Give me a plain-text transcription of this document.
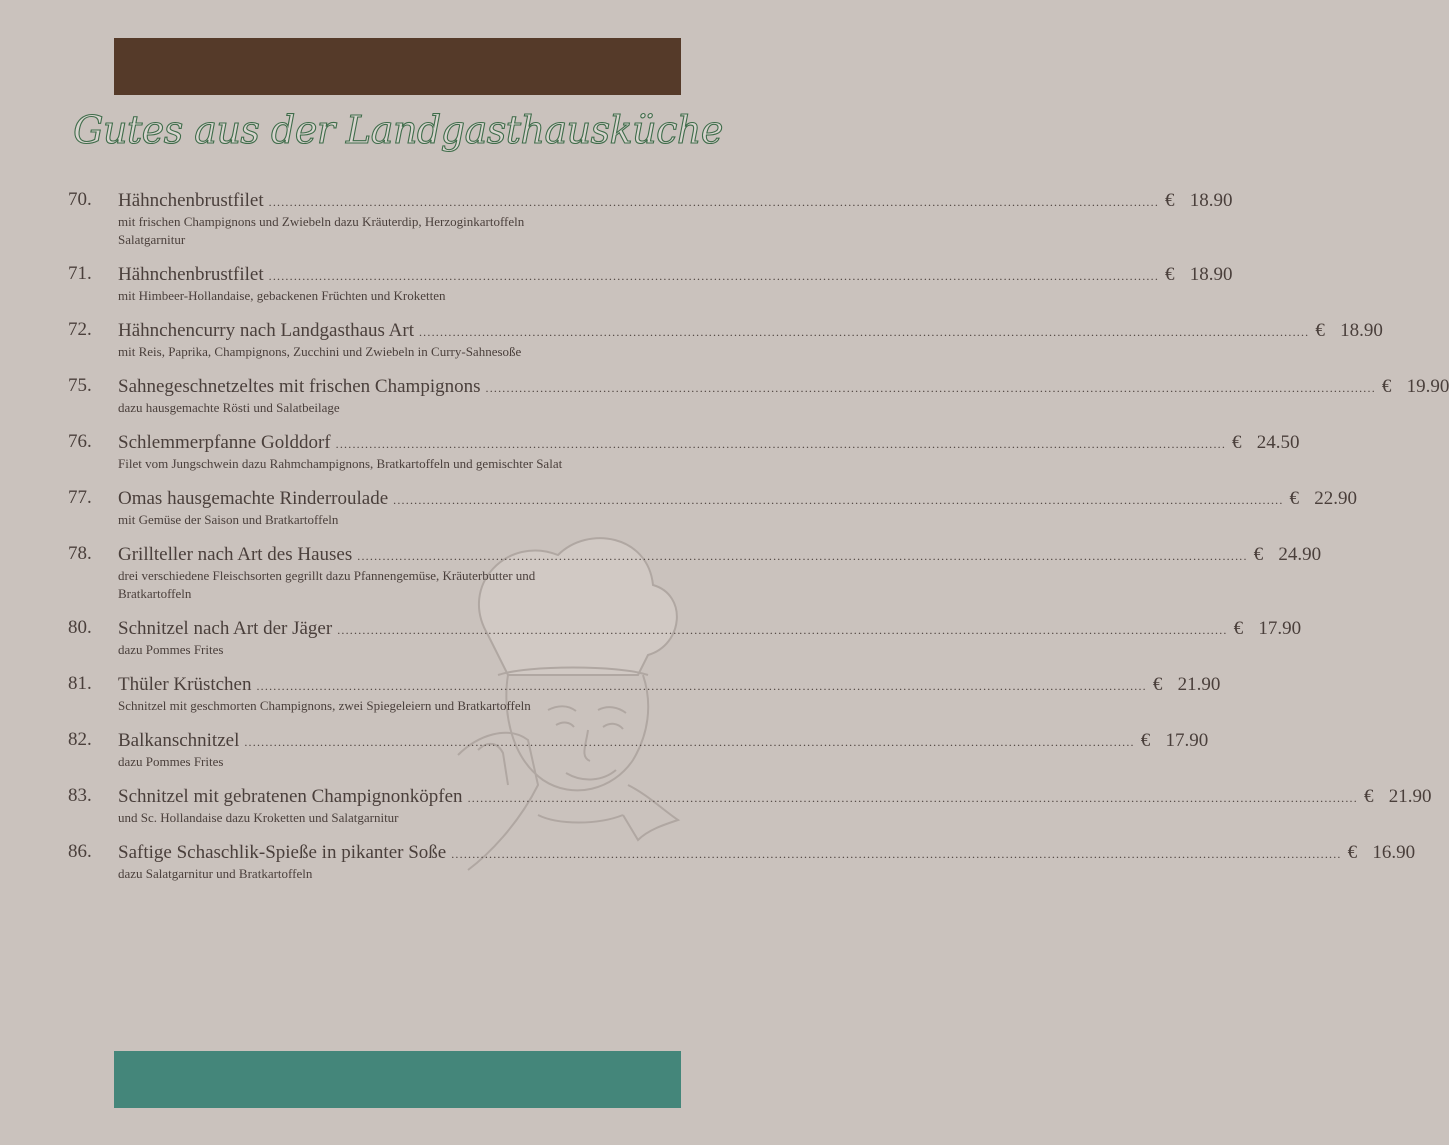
Gutes aus der Landgasthausküche
70. Hähnchenbrustfilet .................................................................................................................................................................................................................... € 18.90
mit frischen Champignons und Zwiebeln dazu Kräuterdip, Herzoginkartoffeln Salatgarnitur
71. Hähnchenbrustfilet .................................................................................................................................................................................................................... € 18.90
mit Himbeer-Hollandaise, gebackenen Früchten und Kroketten
72. Hähnchencurry nach Landgasthaus Art .................................................................................................................................................................................................................... € 18.90
mit Reis, Paprika, Champignons, Zucchini und Zwiebeln in Curry-Sahnesoße
75. Sahnegeschnetzeltes mit frischen Champignons .................................................................................................................................................................................................................... € 19.90
dazu hausgemachte Rösti und Salatbeilage
76. Schlemmerpfanne Golddorf .................................................................................................................................................................................................................... € 24.50
Filet vom Jungschwein dazu Rahmchampignons, Bratkartoffeln und gemischter Salat
77. Omas hausgemachte Rinderroulade .................................................................................................................................................................................................................... € 22.90
mit Gemüse der Saison und Bratkartoffeln
78. Grillteller nach Art des Hauses .................................................................................................................................................................................................................... € 24.90
drei verschiedene Fleischsorten gegrillt dazu Pfannengemüse, Kräuterbutter und Bratkartoffeln
80. Schnitzel nach Art der Jäger .................................................................................................................................................................................................................... € 17.90
dazu Pommes Frites
81. Thüler Krüstchen .................................................................................................................................................................................................................... € 21.90
Schnitzel mit geschmorten Champignons, zwei Spiegeleiern und Bratkartoffeln
82. Balkanschnitzel .................................................................................................................................................................................................................... € 17.90
dazu Pommes Frites
83. Schnitzel mit gebratenen Champignonköpfen .................................................................................................................................................................................................................... € 21.90
und Sc. Hollandaise dazu Kroketten und Salatgarnitur
86. Saftige Schaschlik-Spieße in pikanter Soße .................................................................................................................................................................................................................... € 16.90
dazu Salatgarnitur und Bratkartoffeln
